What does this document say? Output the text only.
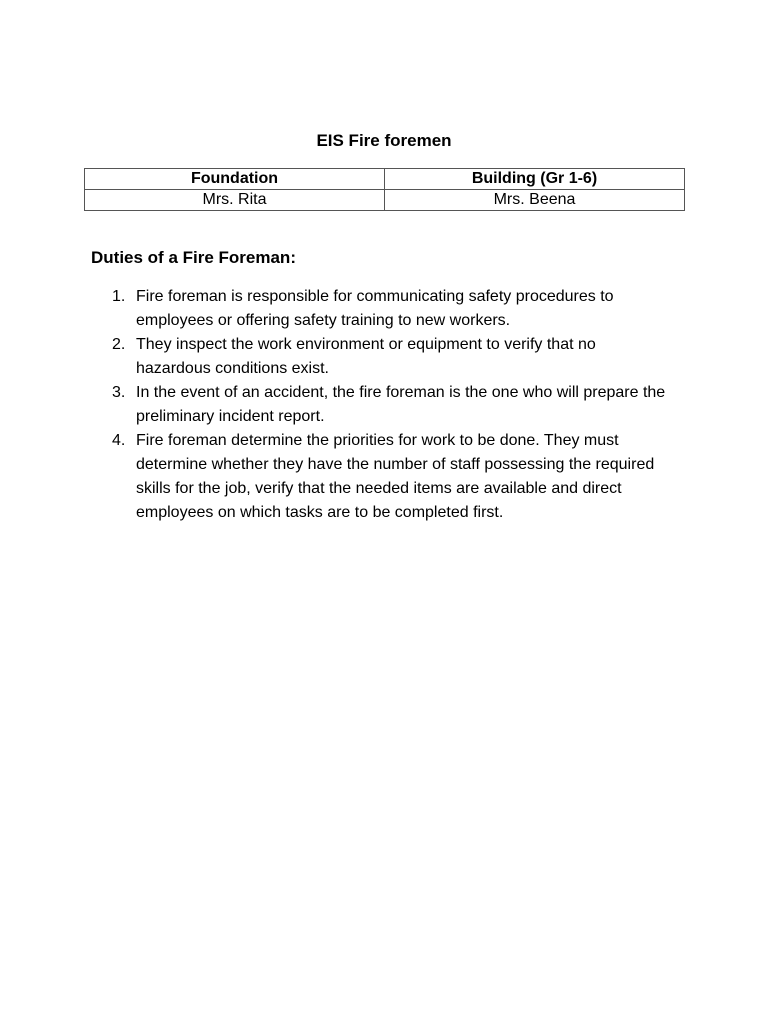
EIS Fire foremen
Foundation	Building (Gr 1-6)
Mrs. Rita	Mrs. Beena
Duties of a Fire Foreman:
1. Fire foreman is responsible for communicating safety procedures to employees or offering safety training to new workers.
2. They inspect the work environment or equipment to verify that no hazardous conditions exist.
3. In the event of an accident, the fire foreman is the one who will prepare the preliminary incident report.
4. Fire foreman determine the priorities for work to be done. They must determine whether they have the number of staff possessing the required skills for the job, verify that the needed items are available and direct employees on which tasks are to be completed first.
